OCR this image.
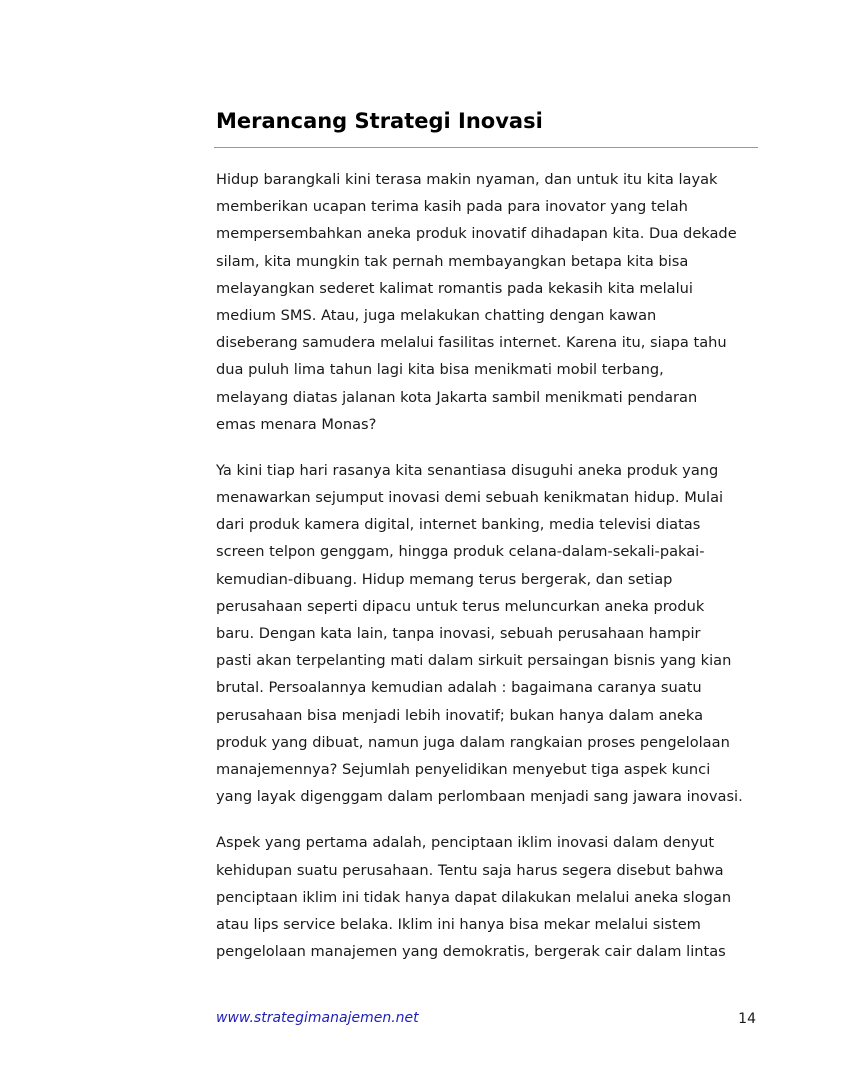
Merancang Strategi Inovasi

Hidup barangkali kini terasa makin nyaman, dan untuk itu kita layak
memberikan ucapan terima kasih pada para inovator yang telah
mempersembahkan aneka produk inovatif dihadapan kita. Dua dekade
silam, kita mungkin tak pernah membayangkan betapa kita bisa
melayangkan sederet kalimat romantis pada kekasih kita melalui
medium SMS. Atau, juga melakukan chatting dengan kawan
diseberang samudera melalui fasilitas internet. Karena itu, siapa tahu
dua puluh lima tahun lagi kita bisa menikmati mobil terbang,
melayang diatas jalanan kota Jakarta sambil menikmati pendaran
emas menara Monas?

Ya kini tiap hari rasanya kita senantiasa disuguhi aneka produk yang
menawarkan sejumput inovasi demi sebuah kenikmatan hidup. Mulai
dari produk kamera digital, internet banking, media televisi diatas
screen telpon genggam, hingga produk celana-dalam-sekali-pakai-
kemudian-dibuang. Hidup memang terus bergerak, dan setiap
perusahaan seperti dipacu untuk terus meluncurkan aneka produk
baru. Dengan kata lain, tanpa inovasi, sebuah perusahaan hampir
pasti akan terpelanting mati dalam sirkuit persaingan bisnis yang kian
brutal. Persoalannya kemudian adalah : bagaimana caranya suatu
perusahaan bisa menjadi lebih inovatif; bukan hanya dalam aneka
produk yang dibuat, namun juga dalam rangkaian proses pengelolaan
manajemennya? Sejumlah penyelidikan menyebut tiga aspek kunci
yang layak digenggam dalam perlombaan menjadi sang jawara inovasi.

Aspek yang pertama adalah, penciptaan iklim inovasi dalam denyut
kehidupan suatu perusahaan. Tentu saja harus segera disebut bahwa
penciptaan iklim ini tidak hanya dapat dilakukan melalui aneka slogan
atau lips service belaka. Iklim ini hanya bisa mekar melalui sistem
pengelolaan manajemen yang demokratis, bergerak cair dalam lintas

www.strategimanajemen.net	14
